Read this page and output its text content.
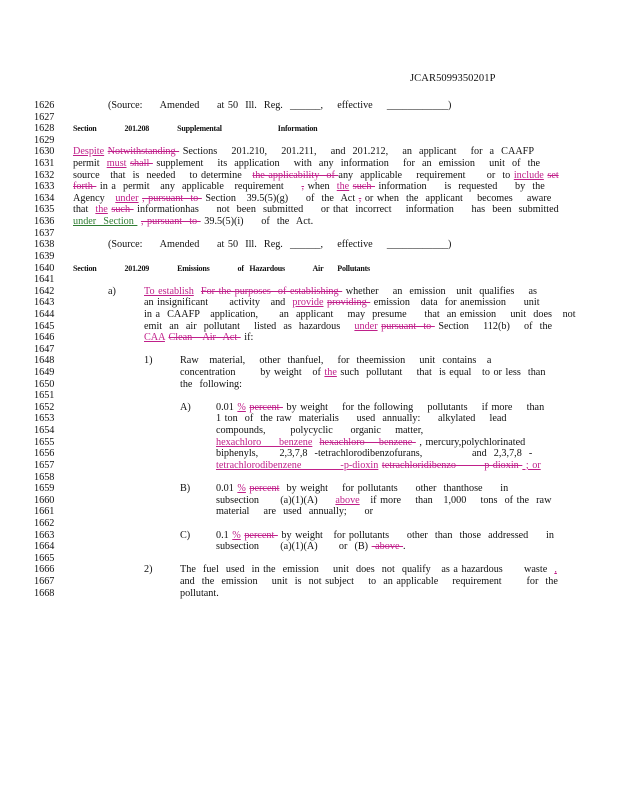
JCAR5099350201P
1626	(Source:     Amended     at 50  Ill.  Reg.  ______,    effective    ____________)
1627
1628	Section          201.208          Supplemental                    Information
1629
1630	Despite Notwithstanding  Sections    201.210,    201.211,    and  201.212,    an  applicant    for  a  CAAFP
1631	permit  must shall  supplement    its  application    with  any  information    for  an  emission    unit  of  the
1632	source   that  is  needed    to determine   the applicability  of any  applicable    requirement      or  to include set
1633	forth  in a  permit   any  applicable   requirement     , when  the such  information     is  requested     by  the
1634	Agency   under , pursuant  to  Section   39.5(5)(g)     of  the  Act , or when  the  applicant    becomes    aware
1635	that  the such  informationhas     not  been  submitted     or that  incorrect    information     has  been  submitted
1636	under  Section  , pursuant  to  39.5(5)(i)     of  the  Act.
1637
1638	(Source:     Amended     at 50  Ill.  Reg.  ______,    effective    ____________)
1639
1640	Section          201.209          Emissions          of  Hazardous          Air     Pollutants
1641
1642	a)	To establish For the purposes  of establishing  whether    an  emission   unit  qualifies    as
1643	an insignificant      activity   and  provide providing  emission   data  for anemission     unit
1644	in a  CAAFP   application,      an  applicant    may  presume     that  an emission    unit  does   not
1645	emit  an  air  pollutant    listed  as  hazardous    under pursuant  to  Section    112(b)    of  the
1646	CAA Clean   Air  Act  if:
1647
1648	1)	Raw   material,    other  thanfuel,    for  theemission    unit  contains   a
1649	concentration       by weight   of the such  pollutant    that  is equal   to or less  than
1650	the  following:
1651
1652	A) 0.01 % percent  by weight    for the following    pollutants    if more    than
1653	1 ton  of  the raw  materialis     used  annually:     alkylated    lead
1654	compounds,       polycyclic     organic    matter,
1655	hexachloro     benzene hexachloro    benzene  , mercury,polychlorinated
1656	biphenyls,      2,3,7,8  -tetrachlorodibenzofurans,              and  2,3,7,8  -
1657	tetrachlorodibenzene           -p-dioxin tetrachloridibenzo       -p-dioxin  ; or
1658
1659	B)	0.01 % percent  by weight    for pollutants     other  thanthose     in
1660	subsection      (a)(1)(A)     above   if more    than   1,000    tons  of the  raw
1661	material    are  used  annually;     or
1662
1663	C)	0.1 % percent  by weight   for pollutants     other  than  those  addressed     in
1664	subsection      (a)(1)(A)      or  (B)  above .
1665
1666	2)	The  fuel  used  in the  emission    unit  does  not  qualify   as a hazardous      waste  ,
1667	and  the  emission    unit  is  not subject    to  an applicable    requirement       for  the
1668	pollutant.
